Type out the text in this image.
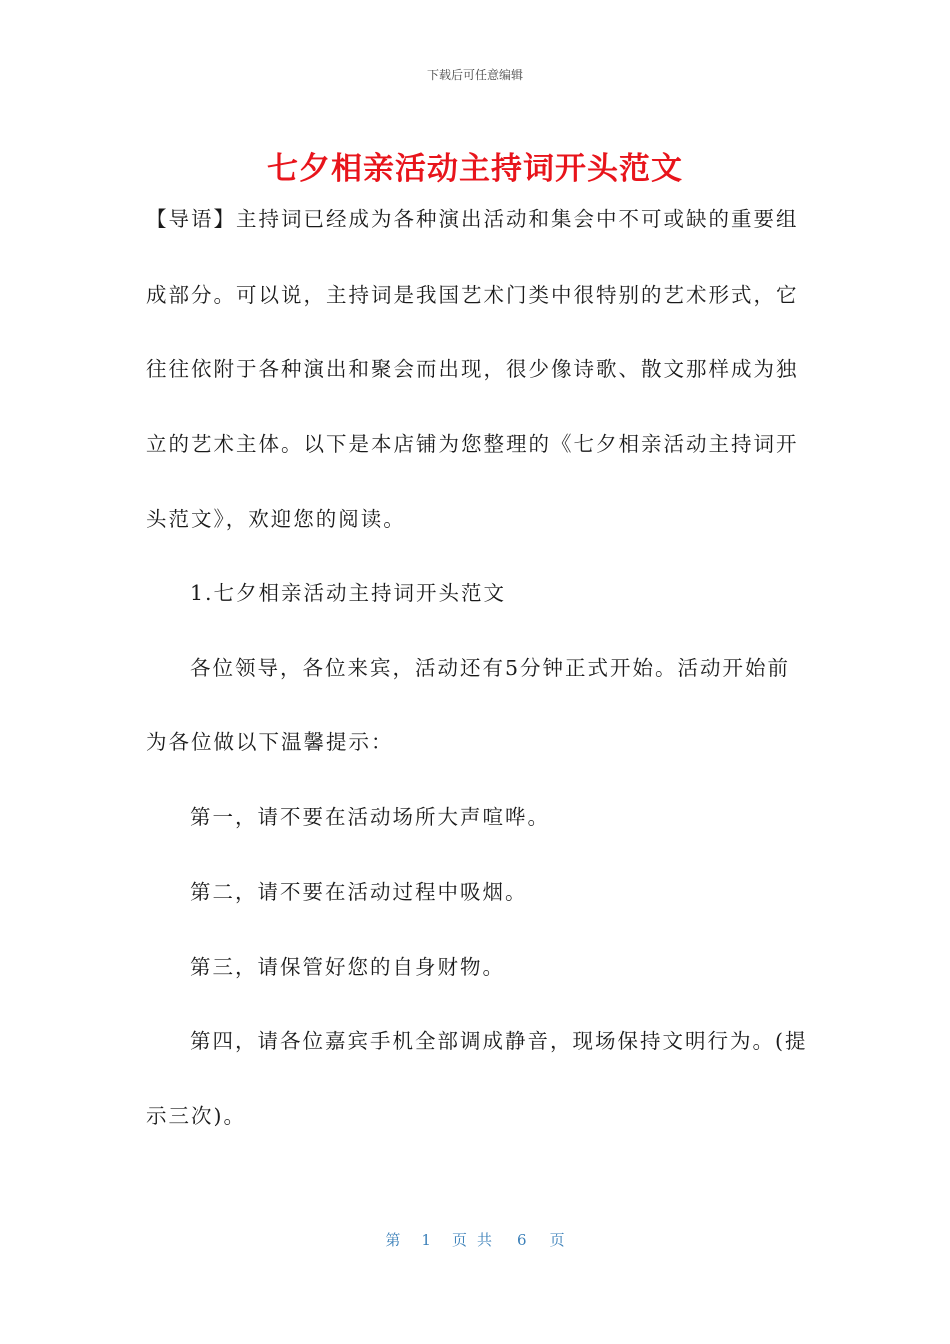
下载后可任意编辑
七夕相亲活动主持词开头范文
【导语】主持词已经成为各种演出活动和集会中不可或缺的重要组
成部分。可以说，主持词是我国艺术门类中很特别的艺术形式，它
往往依附于各种演出和聚会而出现，很少像诗歌、散文那样成为独
立的艺术主体。以下是本店铺为您整理的《七夕相亲活动主持词开
头范文》，欢迎您的阅读。
1.七夕相亲活动主持词开头范文
各位领导，各位来宾，活动还有5分钟正式开始。活动开始前
为各位做以下温馨提示：
第一，请不要在活动场所大声喧哗。
第二，请不要在活动过程中吸烟。
第三，请保管好您的自身财物。
第四，请各位嘉宾手机全部调成静音，现场保持文明行为。(提
示三次)。
第 1 页共 6 页
